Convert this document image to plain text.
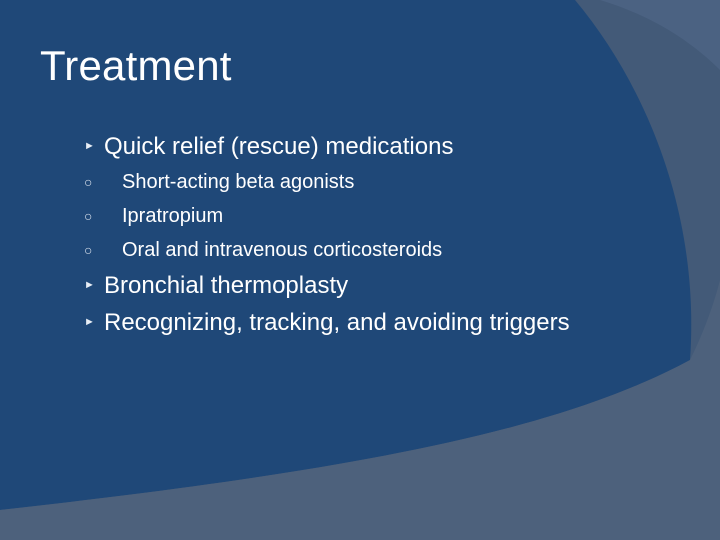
Treatment
► Quick relief (rescue) medications
○ Short-acting beta agonists
○ Ipratropium
○ Oral and intravenous corticosteroids
► Bronchial thermoplasty
► Recognizing, tracking, and avoiding triggers
